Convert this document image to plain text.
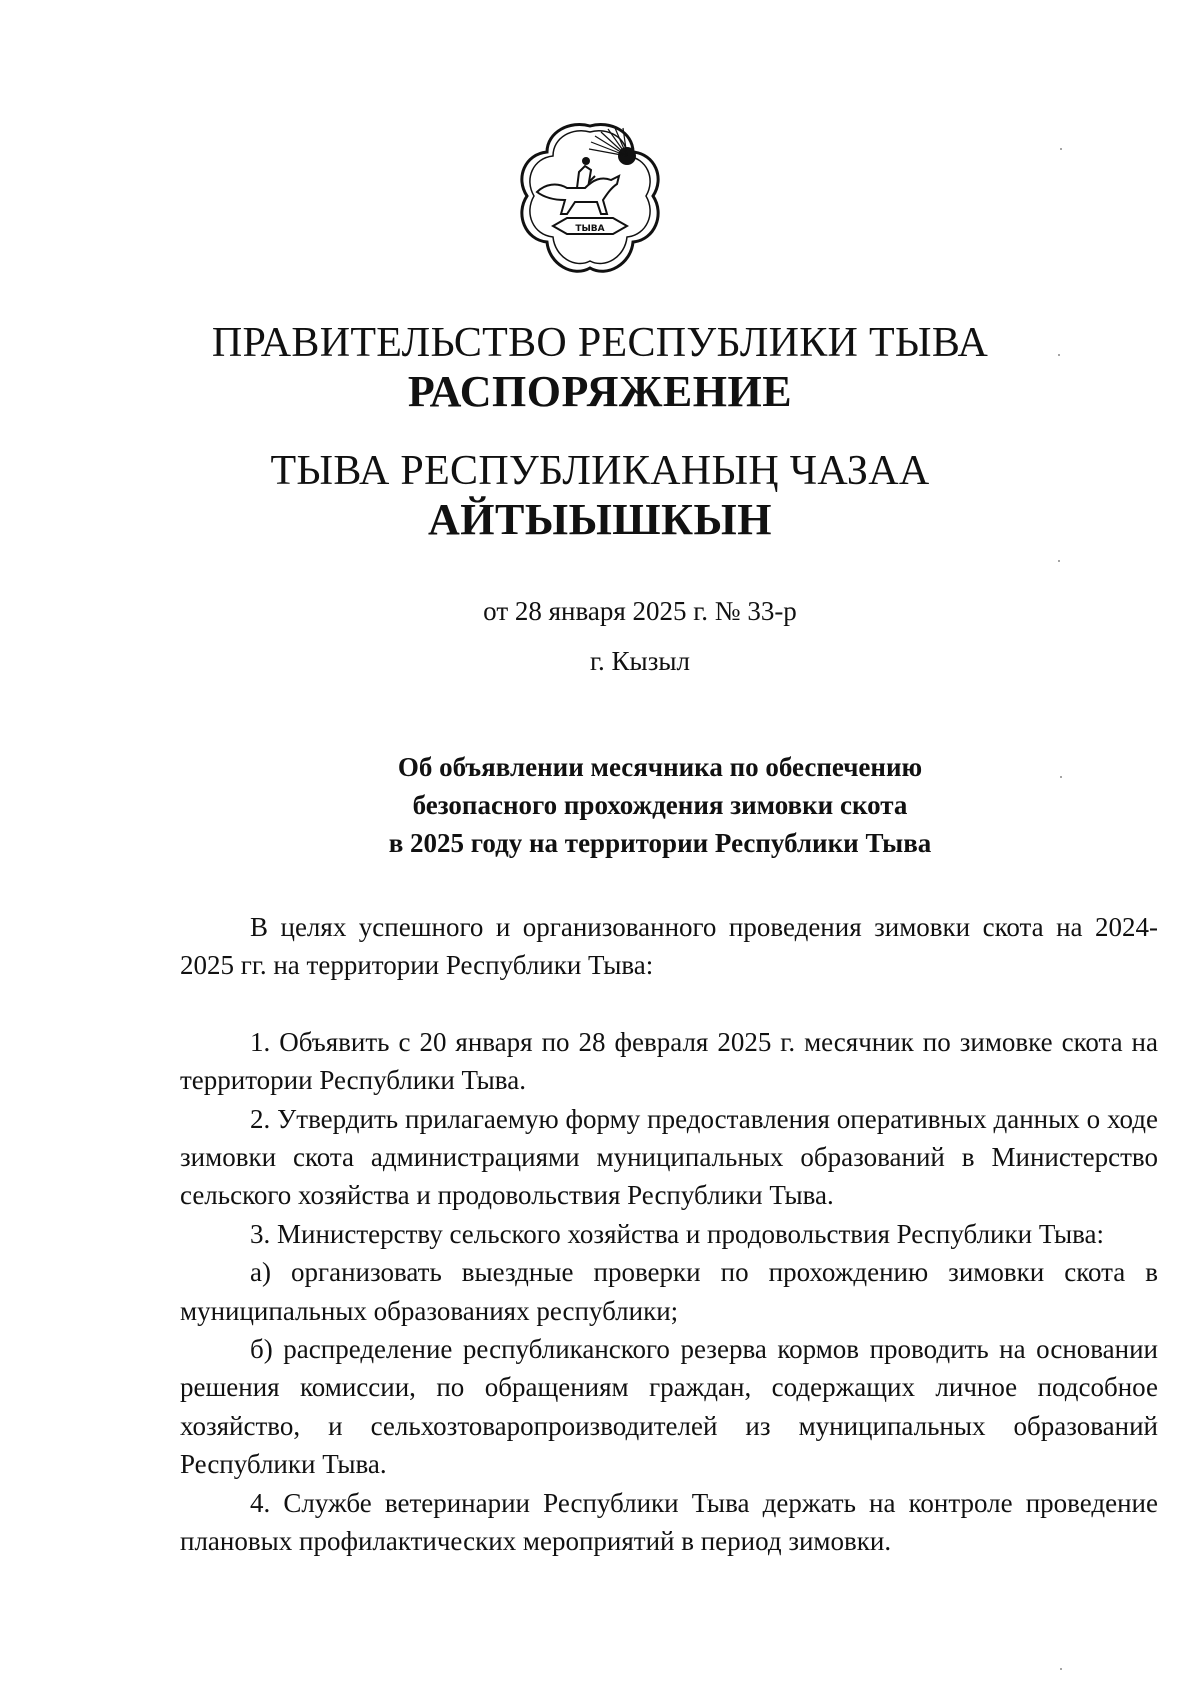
ТЫВА
ПРАВИТЕЛЬСТВО РЕСПУБЛИКИ ТЫВА
РАСПОРЯЖЕНИЕ
ТЫВА РЕСПУБЛИКАНЫҢ ЧАЗАА
АЙТЫЫШКЫН
от 28 января 2025 г. № 33-р
г. Кызыл
Об объявлении месячника по обеспечению
безопасного прохождения зимовки скота
в 2025 году на территории Республики Тыва

В целях успешного и организованного проведения зимовки скота на 2024-2025 гг. на территории Республики Тыва:

1. Объявить с 20 января по 28 февраля 2025 г. месячник по зимовке скота на территории Республики Тыва.

2. Утвердить прилагаемую форму предоставления оперативных данных о ходе зимовки скота администрациями муниципальных образований в Министерство сельского хозяйства и продовольствия Республики Тыва.

3. Министерству сельского хозяйства и продовольствия Республики Тыва:

а) организовать выездные проверки по прохождению зимовки скота в муниципальных образованиях республики;

б) распределение республиканского резерва кормов проводить на основании решения комиссии, по обращениям граждан, содержащих личное подсобное хозяйство, и сельхозтоваропроизводителей из муниципальных образований Республики Тыва.

4. Службе ветеринарии Республики Тыва держать на контроле проведение плановых профилактических мероприятий в период зимовки.
